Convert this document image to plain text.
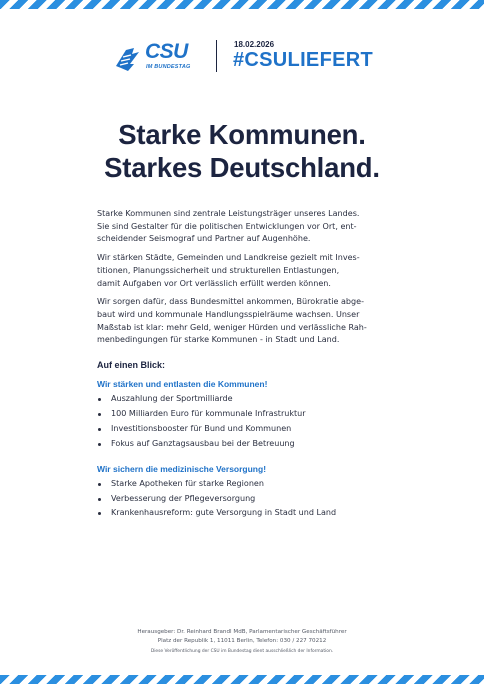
CSU
IM BUNDESTAG
18.02.2026
#CSULIEFERT
Starke Kommunen.
Starkes Deutschland.
Starke Kommunen sind zentrale Leistungsträger unseres Landes.
Sie sind Gestalter für die politischen Entwicklungen vor Ort, ent-
scheidender Seismograf und Partner auf Augenhöhe.
Wir stärken Städte, Gemeinden und Landkreise gezielt mit Inves-
titionen, Planungssicherheit und strukturellen Entlastungen,
damit Aufgaben vor Ort verlässlich erfüllt werden können.
Wir sorgen dafür, dass Bundesmittel ankommen, Bürokratie abge-
baut wird und kommunale Handlungsspielräume wachsen. Unser
Maßstab ist klar: mehr Geld, weniger Hürden und verlässliche Rah-
menbedingungen für starke Kommunen - in Stadt und Land.
Auf einen Blick:
Wir stärken und entlasten die Kommunen!
Auszahlung der Sportmilliarde
100 Milliarden Euro für kommunale Infrastruktur
Investitionsbooster für Bund und Kommunen
Fokus auf Ganztagsausbau bei der Betreuung
Wir sichern die medizinische Versorgung!
Starke Apotheken für starke Regionen
Verbesserung der Pflegeversorgung
Krankenhausreform: gute Versorgung in Stadt und Land
Herausgeber: Dr. Reinhard Brandl MdB, Parlamentarischer Geschäftsführer
Platz der Republik 1, 11011 Berlin, Telefon: 030 / 227 70212
Diese Veröffentlichung der CSU im Bundestag dient ausschließlich der Information.
